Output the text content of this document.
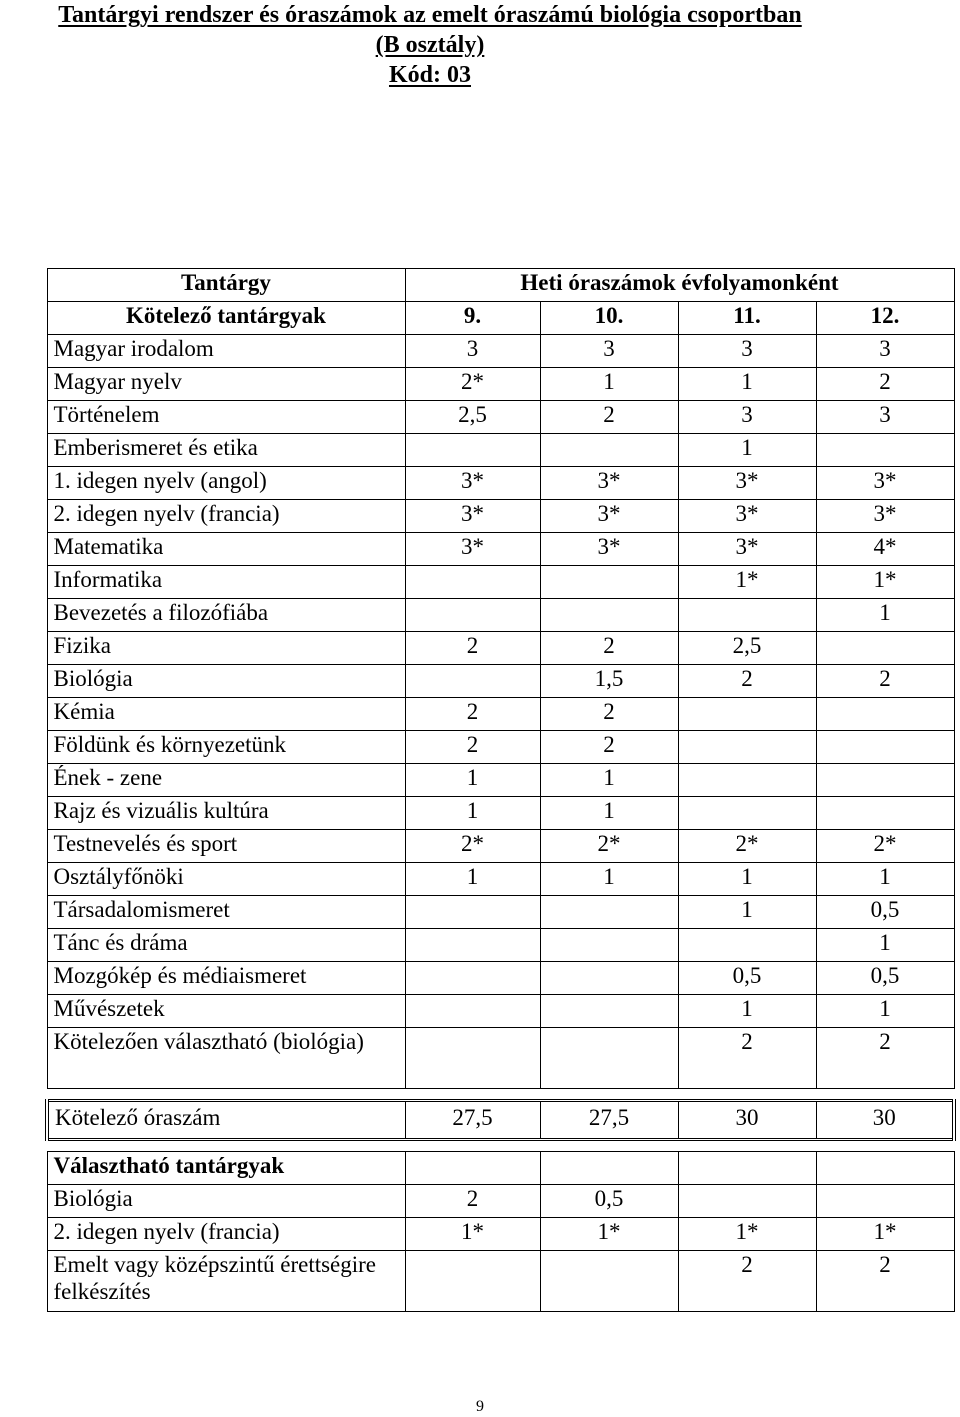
Tantárgyi rendszer és óraszámok az emelt óraszámú biológia csoportban
(B osztály)
Kód: 03
Tantárgy	Heti óraszámok évfolyamonként			
Kötelező tantárgyak	9.	10.	11.	12.
Magyar irodalom	3	3	3	3
Magyar nyelv	2*	1	1	2
Történelem	2,5	2	3	3
Emberismeret és etika			1	
1. idegen nyelv (angol)	3*	3*	3*	3*
2. idegen nyelv (francia)	3*	3*	3*	3*
Matematika	3*	3*	3*	4*
Informatika			1*	1*
Bevezetés a filozófiába				1
Fizika	2	2	2,5	
Biológia		1,5	2	2
Kémia	2	2		
Földünk és környezetünk	2	2		
Ének - zene	1	1		
Rajz és vizuális kultúra	1	1		
Testnevelés és sport	2*	2*	2*	2*
Osztályfőnöki	1	1	1	1
Társadalomismeret			1	0,5
Tánc és dráma				1
Mozgókép és médiaismeret			0,5	0,5
Művészetek			1	1
Kötelezően választható (biológia)			2	2

Kötelező óraszám	27,5	27,5	30	30

Választható tantárgyak				
Biológia	2	0,5		
2. idegen nyelv (francia)	1*	1*	1*	1*
Emelt vagy középszintű érettségire felkészítés			2	2
9
